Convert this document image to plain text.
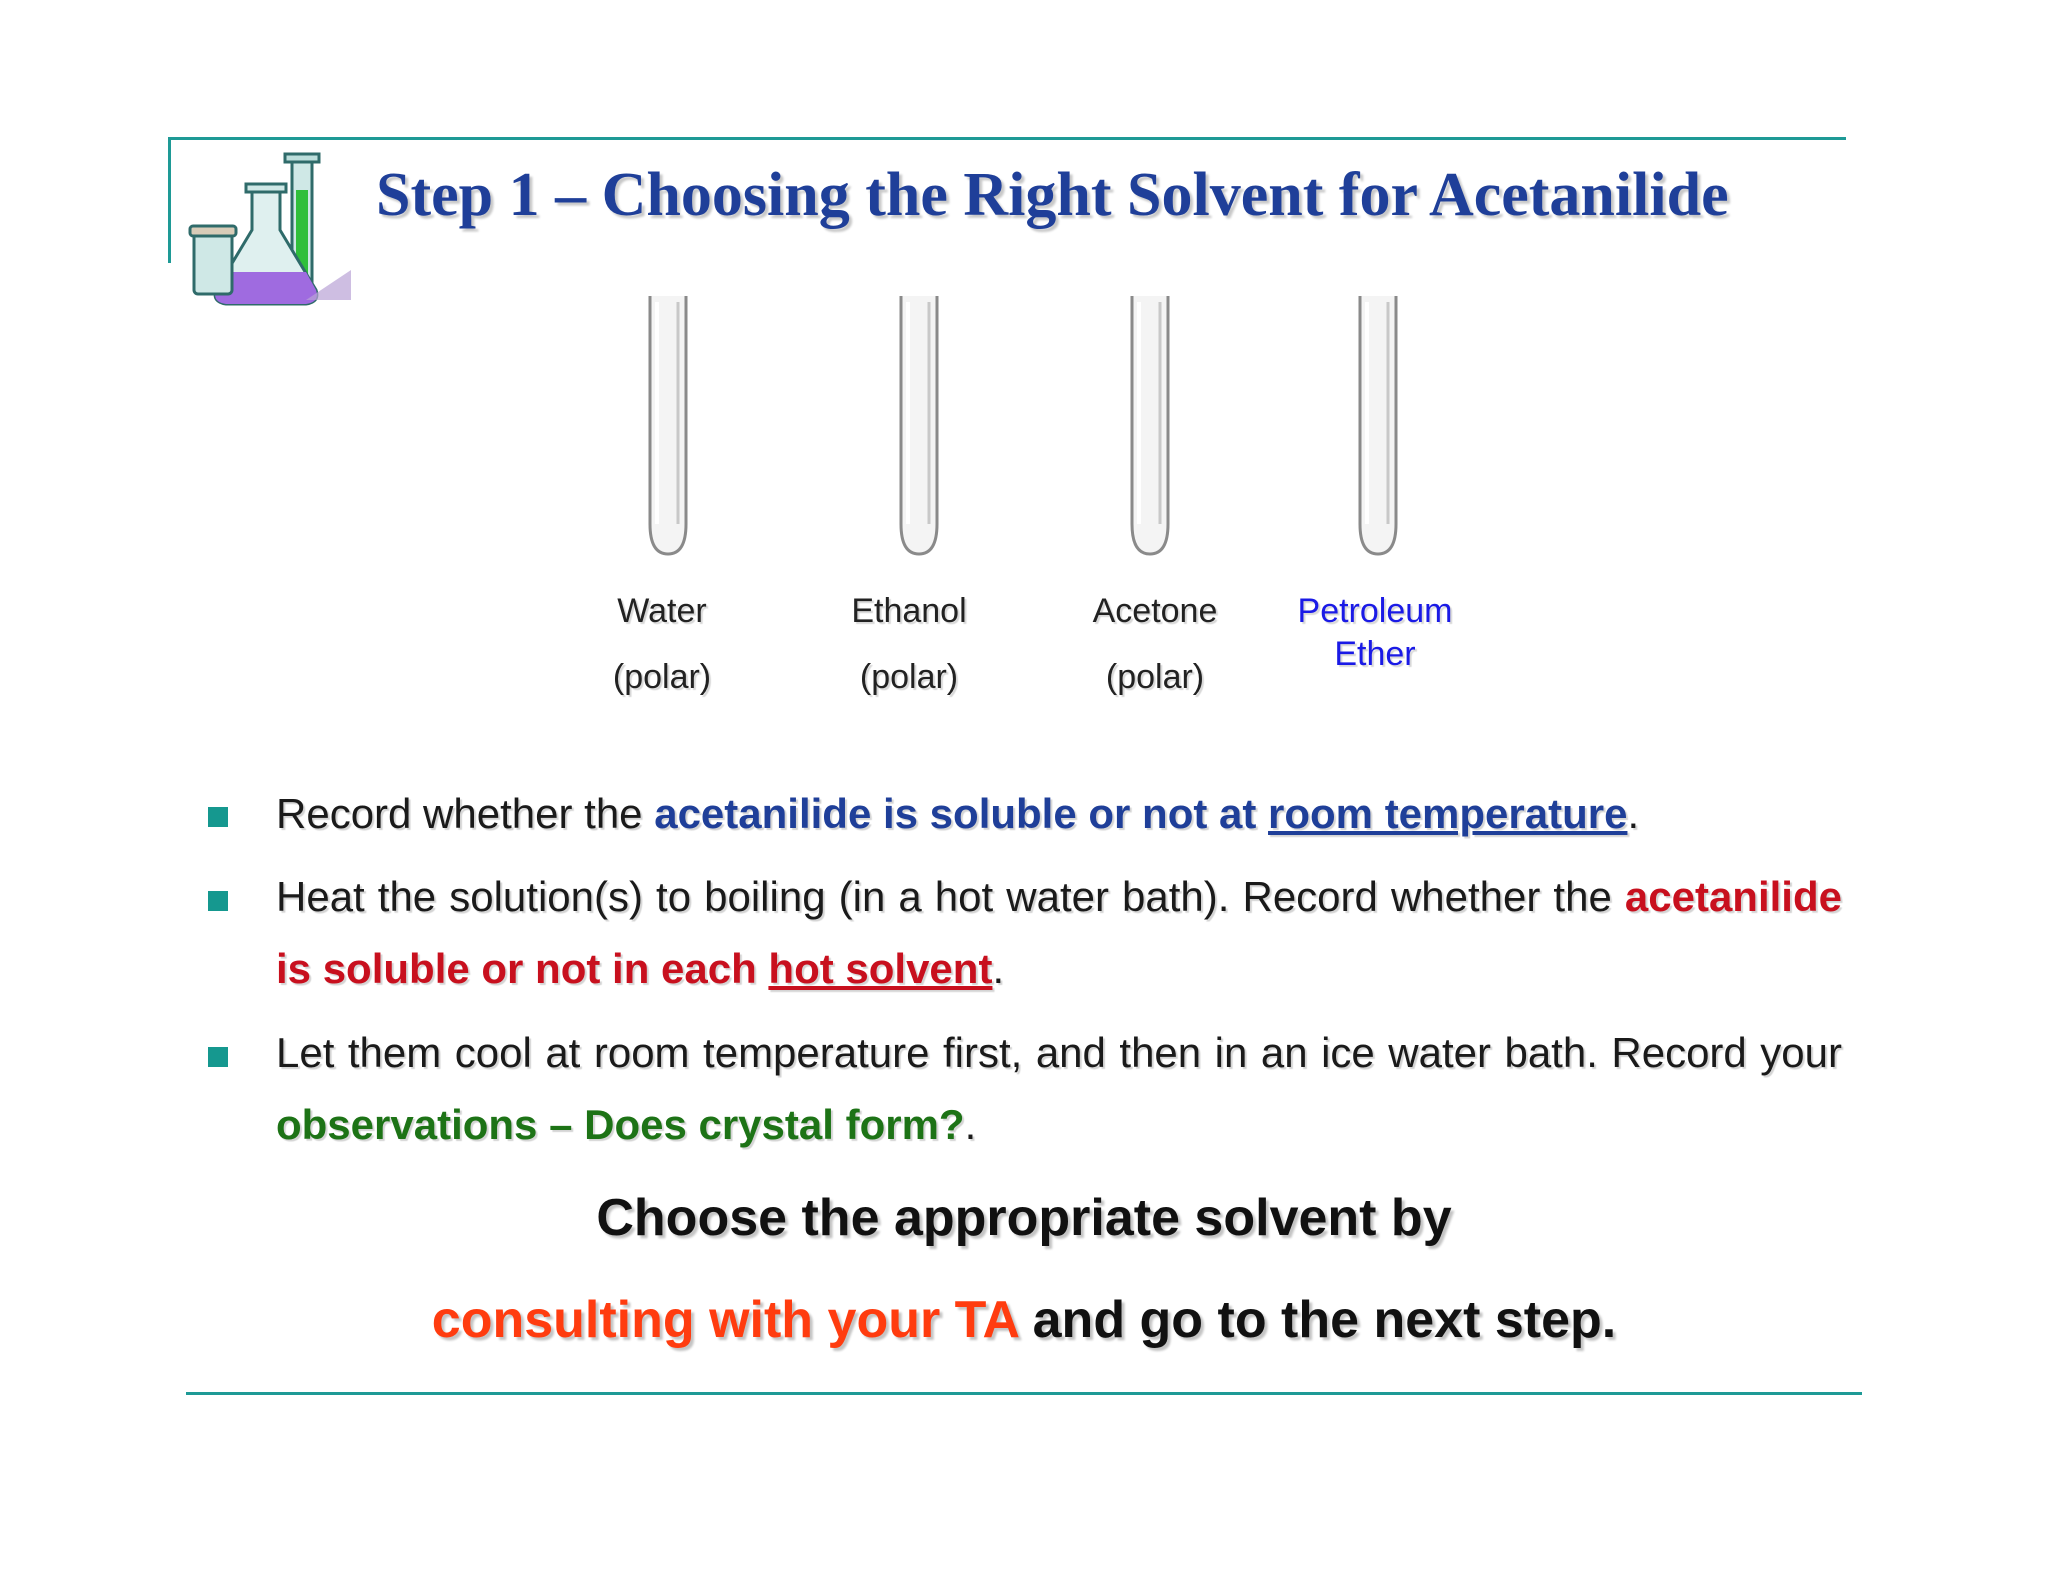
Step 1 – Choosing the Right Solvent for Acetanilide
Water
(polar)
Ethanol
(polar)
Acetone
(polar)
Petroleum
Ether
Record whether the acetanilide is soluble or not at room temperature.
Heat the solution(s) to boiling (in a hot water bath). Record whether the acetanilide is soluble or not in each hot solvent.
Let them cool at room temperature first, and then in an ice water bath. Record your observations – Does crystal form?.
Choose the appropriate solvent by
consulting with your TA and go to the next step.
